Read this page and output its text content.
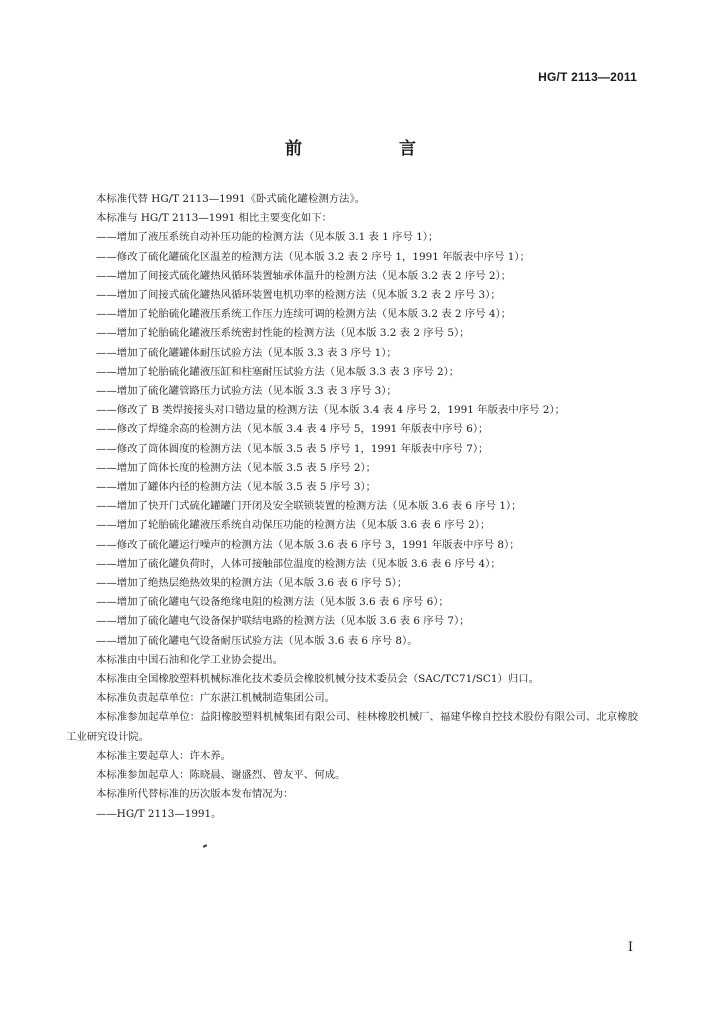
HG/T 2113—2011
前　言
本标准代替 HG/T 2113—1991《卧式硫化罐检测方法》。
本标准与 HG/T 2113—1991 相比主要变化如下：
——增加了液压系统自动补压功能的检测方法（见本版 3.1 表 1 序号 1）；
——修改了硫化罐硫化区温差的检测方法（见本版 3.2 表 2 序号 1，1991 年版表中序号 1）；
——增加了间接式硫化罐热风循环装置轴承体温升的检测方法（见本版 3.2 表 2 序号 2）；
——增加了间接式硫化罐热风循环装置电机功率的检测方法（见本版 3.2 表 2 序号 3）；
——增加了轮胎硫化罐液压系统工作压力连续可调的检测方法（见本版 3.2 表 2 序号 4）；
——增加了轮胎硫化罐液压系统密封性能的检测方法（见本版 3.2 表 2 序号 5）；
——增加了硫化罐罐体耐压试验方法（见本版 3.3 表 3 序号 1）；
——增加了轮胎硫化罐液压缸和柱塞耐压试验方法（见本版 3.3 表 3 序号 2）；
——增加了硫化罐管路压力试验方法（见本版 3.3 表 3 序号 3）；
——修改了 B 类焊接接头对口错边量的检测方法（见本版 3.4 表 4 序号 2，1991 年版表中序号 2）；
——修改了焊缝余高的检测方法（见本版 3.4 表 4 序号 5，1991 年版表中序号 6）；
——修改了筒体圆度的检测方法（见本版 3.5 表 5 序号 1，1991 年版表中序号 7）；
——增加了筒体长度的检测方法（见本版 3.5 表 5 序号 2）；
——增加了罐体内径的检测方法（见本版 3.5 表 5 序号 3）；
——增加了快开门式硫化罐罐门开闭及安全联锁装置的检测方法（见本版 3.6 表 6 序号 1）；
——增加了轮胎硫化罐液压系统自动保压功能的检测方法（见本版 3.6 表 6 序号 2）；
——修改了硫化罐运行噪声的检测方法（见本版 3.6 表 6 序号 3，1991 年版表中序号 8）；
——增加了硫化罐负荷时，人体可接触部位温度的检测方法（见本版 3.6 表 6 序号 4）；
——增加了绝热层绝热效果的检测方法（见本版 3.6 表 6 序号 5）；
——增加了硫化罐电气设备绝缘电阻的检测方法（见本版 3.6 表 6 序号 6）；
——增加了硫化罐电气设备保护联结电路的检测方法（见本版 3.6 表 6 序号 7）；
——增加了硫化罐电气设备耐压试验方法（见本版 3.6 表 6 序号 8）。
本标准由中国石油和化学工业协会提出。
本标准由全国橡胶塑料机械标准化技术委员会橡胶机械分技术委员会（SAC/TC71/SC1）归口。
本标准负责起草单位：广东湛江机械制造集团公司。
本标准参加起草单位：益阳橡胶塑料机械集团有限公司、桂林橡胶机械厂、福建华橡自控技术股份有限公司、北京橡胶工业研究设计院。
本标准主要起草人：许木养。
本标准参加起草人：陈晓晨、谢盛烈、曾友平、何成。
本标准所代替标准的历次版本发布情况为：
——HG/T 2113—1991。
I
